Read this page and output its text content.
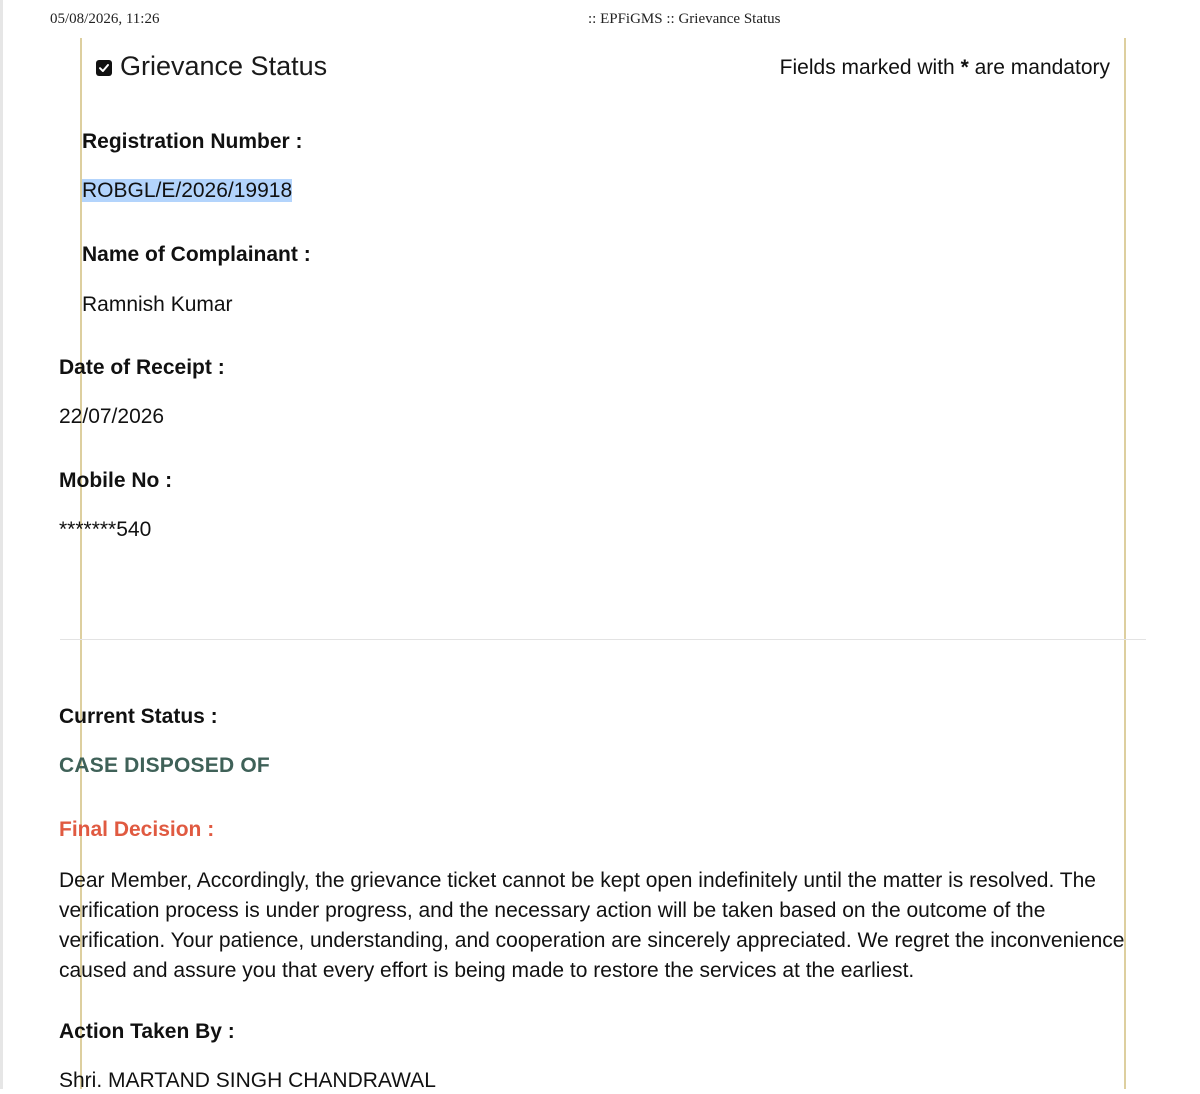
05/08/2026, 11:26	:: EPFiGMS :: Grievance Status
Grievance Status	Fields marked with * are mandatory
Registration Number :
ROBGL/E/2026/19918
Name of Complainant :
Ramnish Kumar
Date of Receipt :
22/07/2026
Mobile No :
*******540
Current Status :
CASE DISPOSED OF
Final Decision :
Dear Member, Accordingly, the grievance ticket cannot be kept open indefinitely until the matter is resolved. The verification process is under progress, and the necessary action will be taken based on the outcome of the verification. Your patience, understanding, and cooperation are sincerely appreciated. We regret the inconvenience caused and assure you that every effort is being made to restore the services at the earliest.
Action Taken By :
Shri. MARTAND SINGH CHANDRAWAL
